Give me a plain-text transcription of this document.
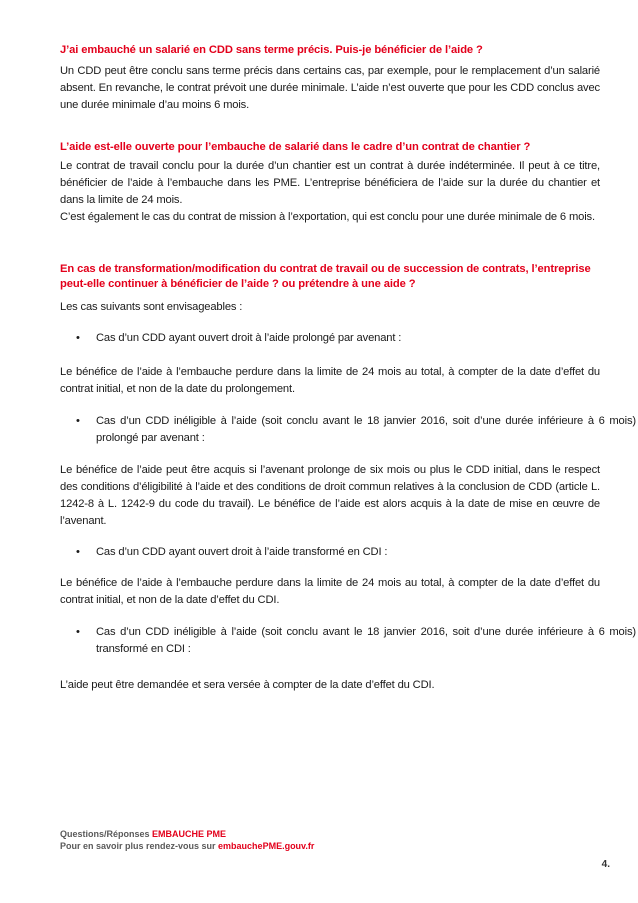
J’ai embauché un salarié en CDD sans terme précis. Puis-je bénéficier de l’aide ?

Un CDD peut être conclu sans terme précis dans certains cas, par exemple, pour le remplacement d’un salarié absent. En revanche, le contrat prévoit une durée minimale. L’aide n’est ouverte que pour les CDD conclus avec une durée minimale d’au moins 6 mois.

L’aide est-elle ouverte pour l’embauche de salarié dans le cadre d’un contrat de chantier ?

Le contrat de travail conclu pour la durée d’un chantier est un contrat à durée indéterminée. Il peut à ce titre, bénéficier de l’aide à l’embauche dans les PME. L’entreprise bénéficiera de l’aide sur la durée du chantier et dans la limite de 24 mois.

C’est également le cas du contrat de mission à l’exportation, qui est conclu pour une durée minimale de 6 mois.

En cas de transformation/modification du contrat de travail ou de succession de contrats, l’entreprise peut-elle continuer à bénéficier de l’aide ? ou prétendre à une aide ?

Les cas suivants sont envisageables :

• Cas d’un CDD ayant ouvert droit à l’aide prolongé par avenant :

Le bénéfice de l’aide à l’embauche perdure dans la limite de 24 mois au total, à compter de la date d’effet du contrat initial, et non de la date du prolongement.

• Cas d’un CDD inéligible à l’aide (soit conclu avant le 18 janvier 2016, soit d’une durée inférieure à 6 mois) prolongé par avenant :

Le bénéfice de l’aide peut être acquis si l’avenant prolonge de six mois ou plus le CDD initial, dans le respect des conditions d’éligibilité à l’aide et des conditions de droit commun relatives à la conclusion de CDD (article L. 1242-8 à L. 1242-9 du code du travail). Le bénéfice de l’aide est alors acquis à la date de mise en œuvre de l’avenant.

• Cas d’un CDD ayant ouvert droit à l’aide transformé en CDI :

Le bénéfice de l’aide à l’embauche perdure dans la limite de 24 mois au total, à compter de la date d’effet du contrat initial, et non de la date d’effet du CDI.

• Cas d’un CDD inéligible à l’aide (soit conclu avant le 18 janvier 2016, soit d’une durée inférieure à 6 mois) transformé en CDI :

L’aide peut être demandée et sera versée à compter de la date d’effet du CDI.

Questions/Réponses EMBAUCHE PME
Pour en savoir plus rendez-vous sur embauchePME.gouv.fr
4.
